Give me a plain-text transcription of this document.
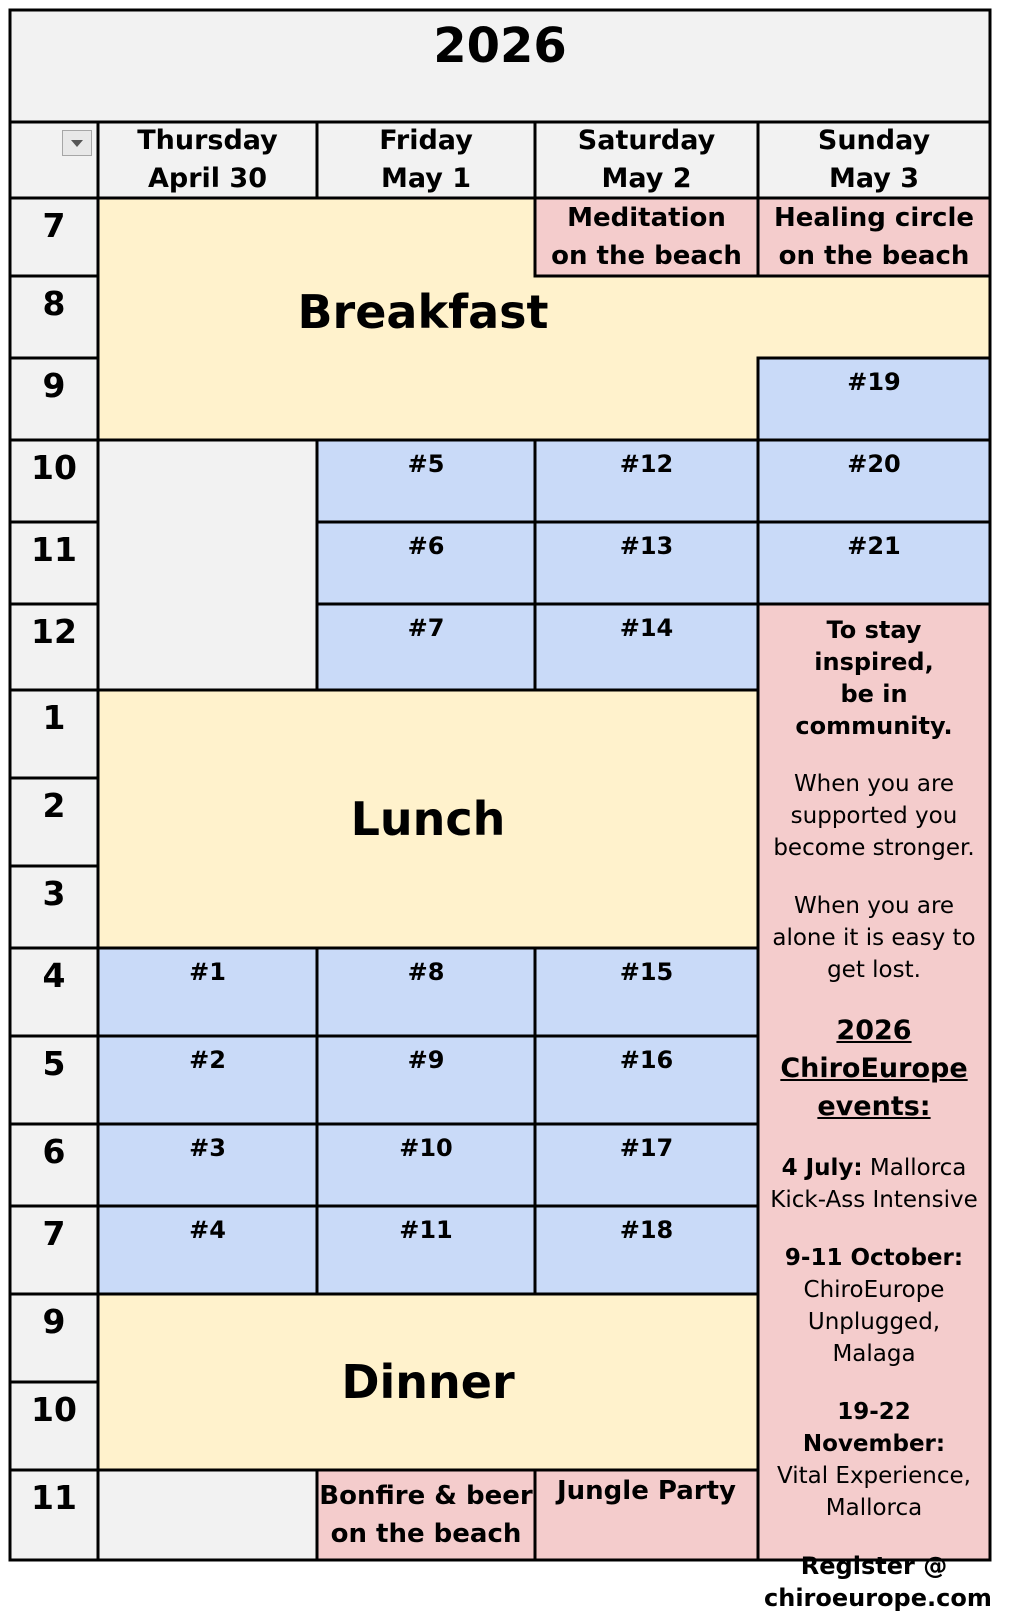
2026
Thursday
April 30
Friday
May 1
Saturday
May 2
Sunday
May 3
7
8
9
10
11
12
1
2
3
4
5
6
7
9
10
11
Breakfast
Meditation
on the beach
Healing circle
on the beach
#5
#6
#7
#12
#13
#14
#19
#20
#21
Lunch
#1
#2
#3
#4
#8
#9
#10
#11
#15
#16
#17
#18
Dinner
Bonfire & beer
on the beach
Jungle Party
To stay inspired,
be in community.
When you are
supported you
become stronger.
When you are
alone it is easy to
get lost.
2026
ChiroEurope
events:
4 July: Mallorca
Kick-Ass Intensive
9-11 October:
ChiroEurope
Unplugged, Malaga
19-22 November:
Vital Experience,
Mallorca
Register @
chiroeurope.com
